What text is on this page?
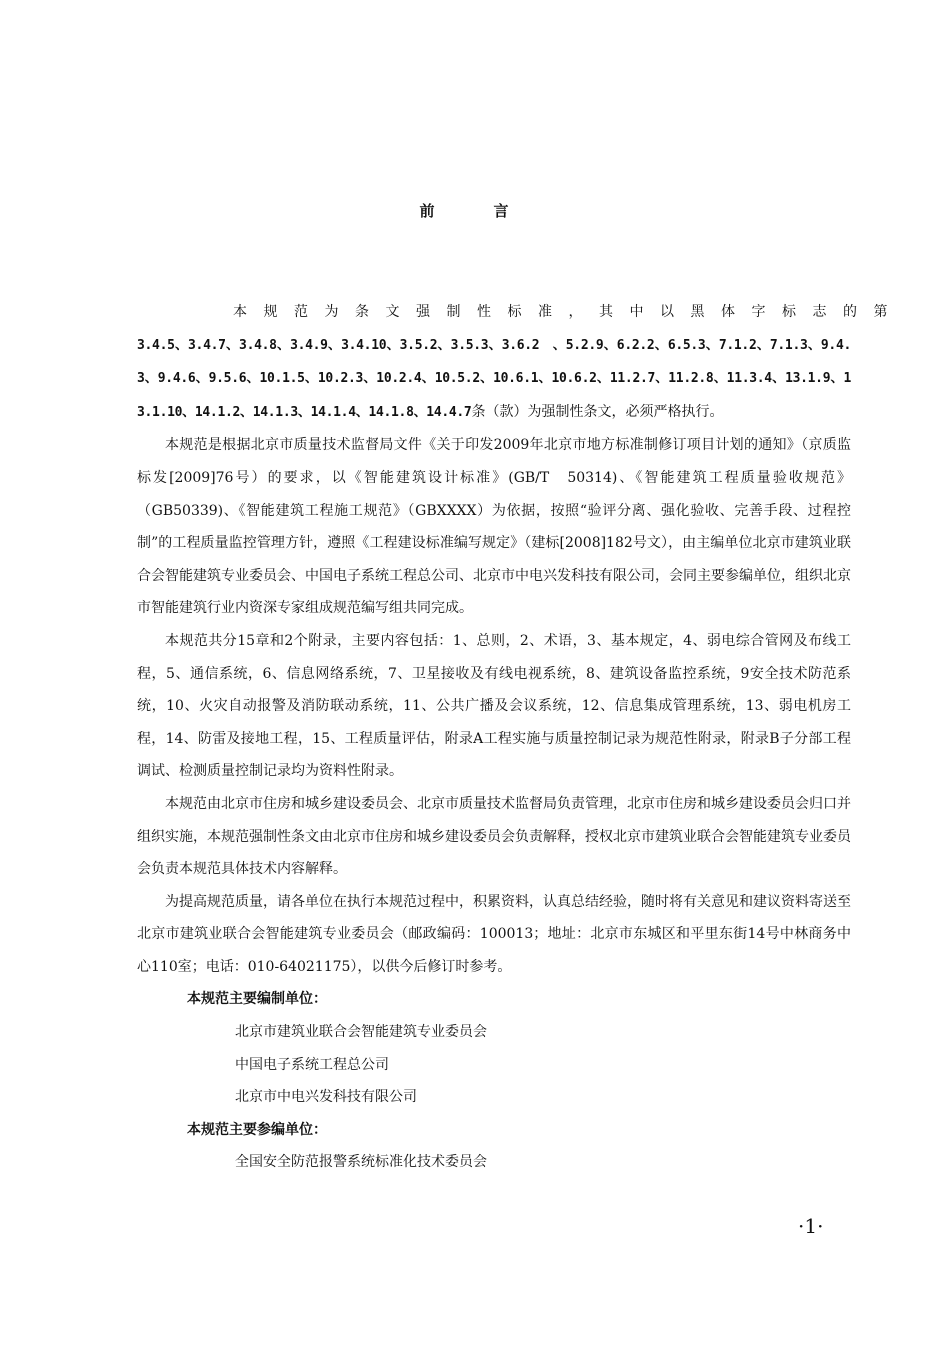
前　言

本规范为条文强制性标准，其中以黑体字标志的第
3.4.5、3.4.7、3.4.8、3.4.9、3.4.10、3.5.2、3.5.3、3.6.2　、5.2.9、6.2.2、6.5.3、7.1.2、7.1.3、9.4.3、9.4.6、9.5.6、10.1.5、10.2.3、10.2.4、10.5.2、10.6.1、10.6.2、11.2.7、11.2.8、11.3.4、13.1.9、13.1.10、14.1.2、14.1.3、14.1.4、14.1.8、14.4.7条（款）为强制性条文，必须严格执行。

本规范是根据北京市质量技术监督局文件《关于印发2009年北京市地方标准制修订项目计划的通知》（京质监标发[2009]76号）的要求，以《智能建筑设计标准》(GB/T　50314)、《智能建筑工程质量验收规范》（GB50339)、《智能建筑工程施工规范》（GBXXXX）为依据，按照“验评分离、强化验收、完善手段、过程控制”的工程质量监控管理方针，遵照《工程建设标准编写规定》（建标[2008]182号文），由主编单位北京市建筑业联合会智能建筑专业委员会、中国电子系统工程总公司、北京市中电兴发科技有限公司，会同主要参编单位，组织北京市智能建筑行业内资深专家组成规范编写组共同完成。

本规范共分15章和2个附录，主要内容包括：1、总则，2、术语，3、基本规定，4、弱电综合管网及布线工程，5、通信系统，6、信息网络系统，7、卫星接收及有线电视系统，8、建筑设备监控系统，9安全技术防范系统，10、火灾自动报警及消防联动系统，11、公共广播及会议系统，12、信息集成管理系统，13、弱电机房工程，14、防雷及接地工程，15、工程质量评估，附录A工程实施与质量控制记录为规范性附录，附录B子分部工程调试、检测质量控制记录均为资料性附录。

本规范由北京市住房和城乡建设委员会、北京市质量技术监督局负责管理，北京市住房和城乡建设委员会归口并组织实施，本规范强制性条文由北京市住房和城乡建设委员会负责解释，授权北京市建筑业联合会智能建筑专业委员会负责本规范具体技术内容解释。

为提高规范质量，请各单位在执行本规范过程中，积累资料，认真总结经验，随时将有关意见和建议资料寄送至北京市建筑业联合会智能建筑专业委员会（邮政编码：100013；地址：北京市东城区和平里东街14号中林商务中心110室；电话：010-64021175），以供今后修订时参考。

本规范主要编制单位：

北京市建筑业联合会智能建筑专业委员会

中国电子系统工程总公司

北京市中电兴发科技有限公司

本规范主要参编单位：

全国安全防范报警系统标准化技术委员会

·1·
